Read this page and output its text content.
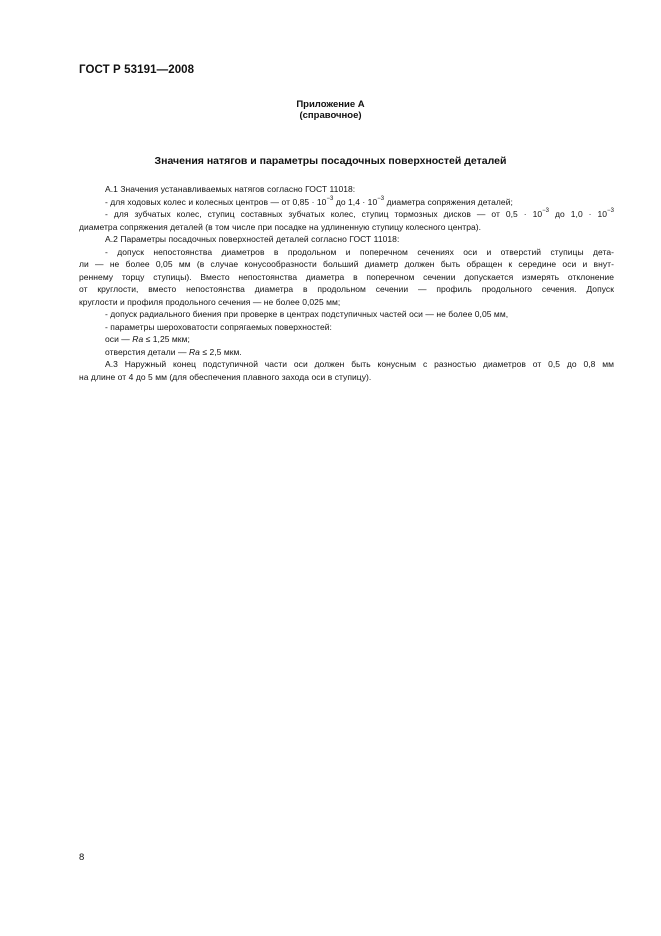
ГОСТ Р 53191—2008
Приложение А
(справочное)
Значения натягов и параметры посадочных поверхностей деталей

А.1 Значения устанавливаемых натягов согласно ГОСТ 11018:

- для ходовых колес и колесных центров — от $0,85 \cdot 10^{-3}$ до $1,4 \cdot 10^{-3}$ диаметра сопряжения деталей;

- для зубчатых колес, ступиц составных зубчатых колес, ступиц тормозных дисков — от $0,5 \cdot 10^{-3}$ до $1,0 \cdot 10^{-3}$

диаметра сопряжения деталей (в том числе при посадке на удлиненную ступицу колесного центра).

А.2 Параметры посадочных поверхностей деталей согласно ГОСТ 11018:

- допуск непостоянства диаметров в продольном и поперечном сечениях оси и отверстий ступицы дета-

ли — не более 0,05 мм (в случае конусообразности больший диаметр должен быть обращен к середине оси и внут-

реннему торцу ступицы). Вместо непостоянства диаметра в поперечном сечении допускается измерять отклонение

от круглости, вместо непостоянства диаметра в продольном сечении — профиль продольного сечения. Допуск

круглости и профиля продольного сечения — не более 0,025 мм;

- допуск радиального биения при проверке в центрах подступичных частей оси — не более 0,05 мм,

- параметры шероховатости сопрягаемых поверхностей:

оси — Ra ≤ 1,25 мкм;

отверстия детали — Ra ≤ 2,5 мкм.

А.3 Наружный конец подступичной части оси должен быть конусным с разностью диаметров от 0,5 до 0,8 мм

на длине от 4 до 5 мм (для обеспечения плавного захода оси в ступицу).

8
